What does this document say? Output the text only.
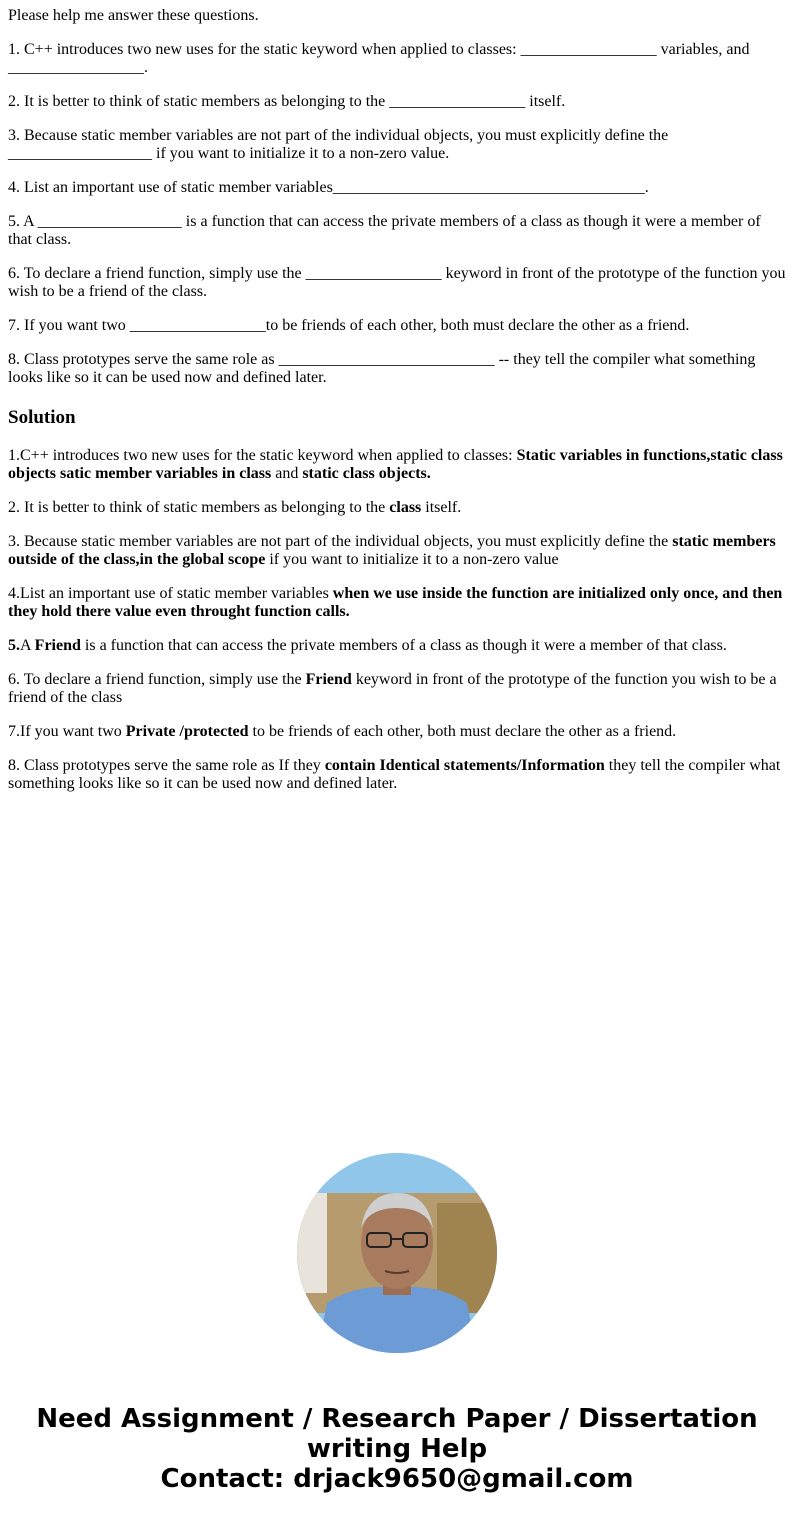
Please help me answer these questions.

1. C++ introduces two new uses for the static keyword when applied to classes: _________________ variables, and _________________.

2. It is better to think of static members as belonging to the _________________ itself.

3. Because static member variables are not part of the individual objects, you must explicitly define the __________________ if you want to initialize it to a non-zero value.

4. List an important use of static member variables_______________________________________.

5. A __________________ is a function that can access the private members of a class as though it were a member of that class.

6. To declare a friend function, simply use the _________________ keyword in front of the prototype of the function you wish to be a friend of the class.

7. If you want two _________________to be friends of each other, both must declare the other as a friend.

8. Class prototypes serve the same role as ___________________________ -- they tell the compiler what something looks like so it can be used now and defined later.

Solution

1.C++ introduces two new uses for the static keyword when applied to classes: Static variables in functions,static class objects satic member variables in class and static class objects.

2. It is better to think of static members as belonging to the class itself.

3. Because static member variables are not part of the individual objects, you must explicitly define the static members outside of the class,in the global scope if you want to initialize it to a non-zero value

4.List an important use of static member variables when we use inside the function are initialized only once, and then they hold there value even throught function calls.

5.A Friend is a function that can access the private members of a class as though it were a member of that class.

6. To declare a friend function, simply use the Friend keyword in front of the prototype of the function you wish to be a friend of the class

7.If you want two Private /protected to be friends of each other, both must declare the other as a friend.

8. Class prototypes serve the same role as If they contain Identical statements/Information they tell the compiler what something looks like so it can be used now and defined later.

Need Assignment / Research Paper / Dissertation writing Help
Contact: drjack9650@gmail.com
